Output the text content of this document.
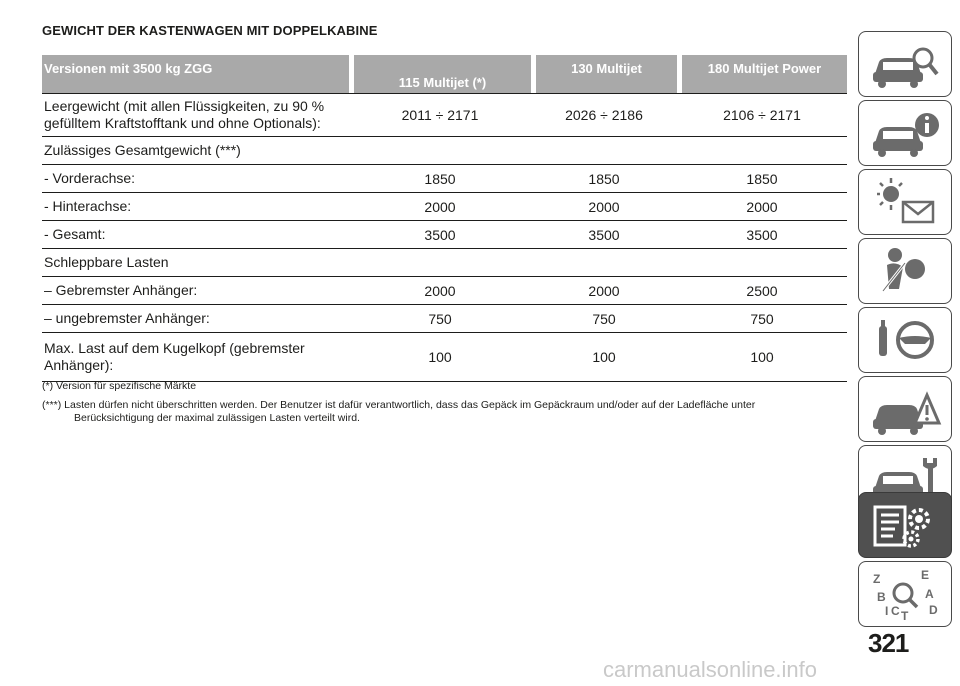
GEWICHT DER KASTENWAGEN MIT DOPPELKABINE
Versionen mit 3500 kg ZGG		115 Multijet (*)		130 Multijet		180 Multijet Power
Leergewicht (mit allen Flüssigkeiten, zu 90 %
gefülltem Kraftstofftank und ohne Optionals):	2011 ÷ 2171		2026 ÷ 2186		2106 ÷ 2171	
Zulässiges Gesamtgewicht (***)						
- Vorderachse:	1850		1850		1850	
- Hinterachse:	2000		2000		2000	
- Gesamt:	3500		3500		3500	
Schleppbare Lasten						
– Gebremster Anhänger:	2000		2000		2500	
– ungebremster Anhänger:	750		750		750	
Max. Last auf dem Kugelkopf (gebremster
Anhänger):	100		100		100	
(*) Version für spezifische Märkte
(***) Lasten dürfen nicht überschritten werden. Der Benutzer ist dafür verantwortlich, dass das Gepäck im Gepäckraum und/oder auf der Ladefläche unter
Berücksichtigung der maximal zulässigen Lasten verteilt wird.
Z	E
B	A
C T D
I
321
carmanualsonline.info
